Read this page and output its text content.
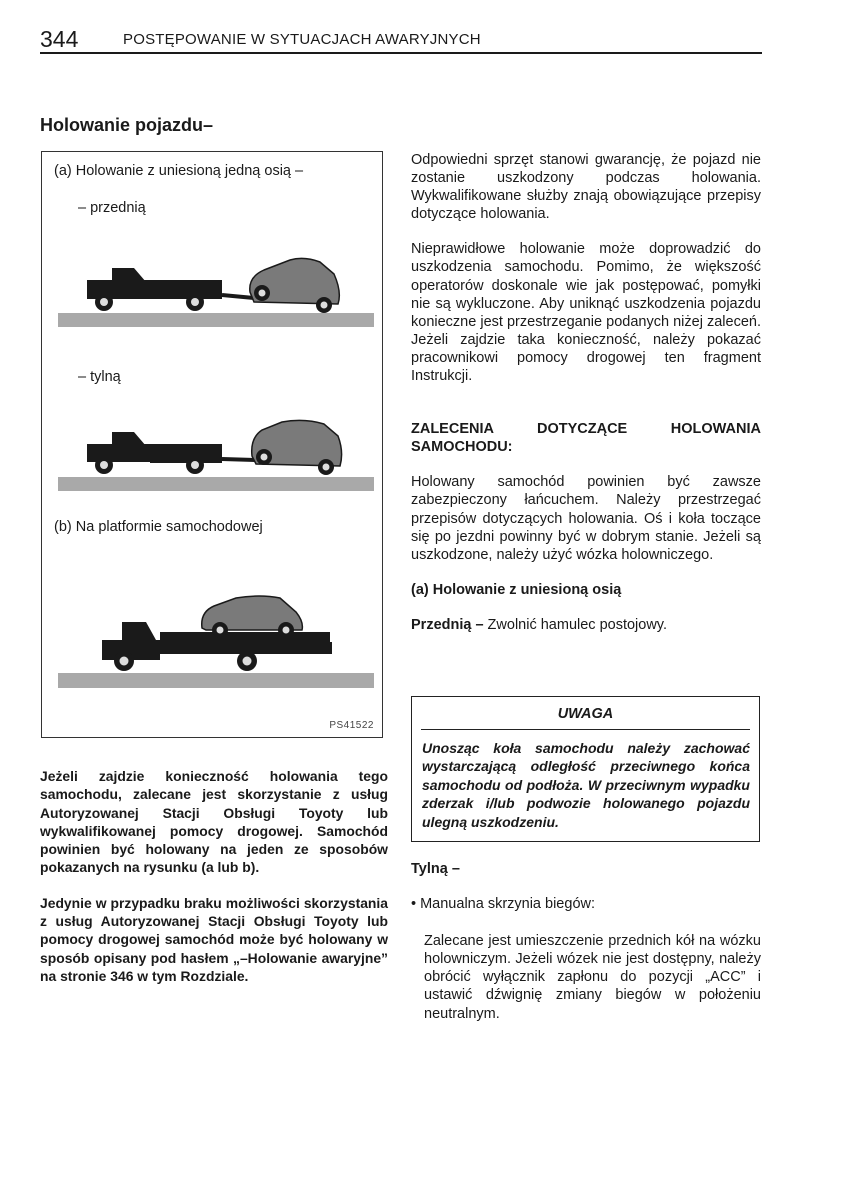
344	POSTĘPOWANIE W SYTUACJACH AWARYJNYCH
Holowanie pojazdu–
(a) Holowanie z uniesioną jedną osią –
– przednią
– tylną
(b) Na platformie samochodowej
PS41522

Jeżeli zajdzie konieczność holowania tego samochodu, zalecane jest skorzystanie z usług Autoryzowanej Stacji Obsługi Toyoty lub wykwalifikowanej pomocy drogowej. Samochód powinien być holowany na jeden ze sposobów pokazanych na rysunku (a lub b).

Jedynie w przypadku braku możliwości skorzystania z usług Autoryzowanej Stacji Obsługi Toyoty lub pomocy drogowej samochód może być holowany w sposób opisany pod hasłem „–Holowanie awaryjne” na stronie 346 w tym Rozdziale.

Odpowiedni sprzęt stanowi gwarancję, że pojazd nie zostanie uszkodzony podczas holowania. Wykwalifikowane służby znają obowiązujące przepisy dotyczące holowania.

Nieprawidłowe holowanie może doprowadzić do uszkodzenia samochodu. Pomimo, że większość operatorów doskonale wie jak postępować, pomyłki nie są wykluczone. Aby uniknąć uszkodzenia pojazdu konieczne jest przestrzeganie podanych niżej zaleceń. Jeżeli zajdzie taka konieczność, należy pokazać pracownikowi pomocy drogowej ten fragment Instrukcji.

ZALECENIA DOTYCZĄCE HOLOWANIA SAMOCHODU:

Holowany samochód powinien być zawsze zabezpieczony łańcuchem. Należy przestrzegać przepisów dotyczących holowania. Oś i koła toczące się po jezdni powinny być w dobrym stanie. Jeżeli są uszkodzone, należy użyć wózka holowniczego.

(a) Holowanie z uniesioną osią

Przednią – Zwolnić hamulec postojowy.

UWAGA
Unosząc koła samochodu należy zachować wystarczającą odległość przeciwnego końca samochodu od podłoża. W przeciwnym wypadku zderzak i/lub podwozie holowanego pojazdu ulegną uszkodzeniu.
Tylną –
• Manualna skrzynia biegów:
Zalecane jest umieszczenie przednich kół na wózku holowniczym. Jeżeli wózek nie jest dostępny, należy obrócić wyłącznik zapłonu do pozycji „ACC” i ustawić dźwignię zmiany biegów w położeniu neutralnym.
